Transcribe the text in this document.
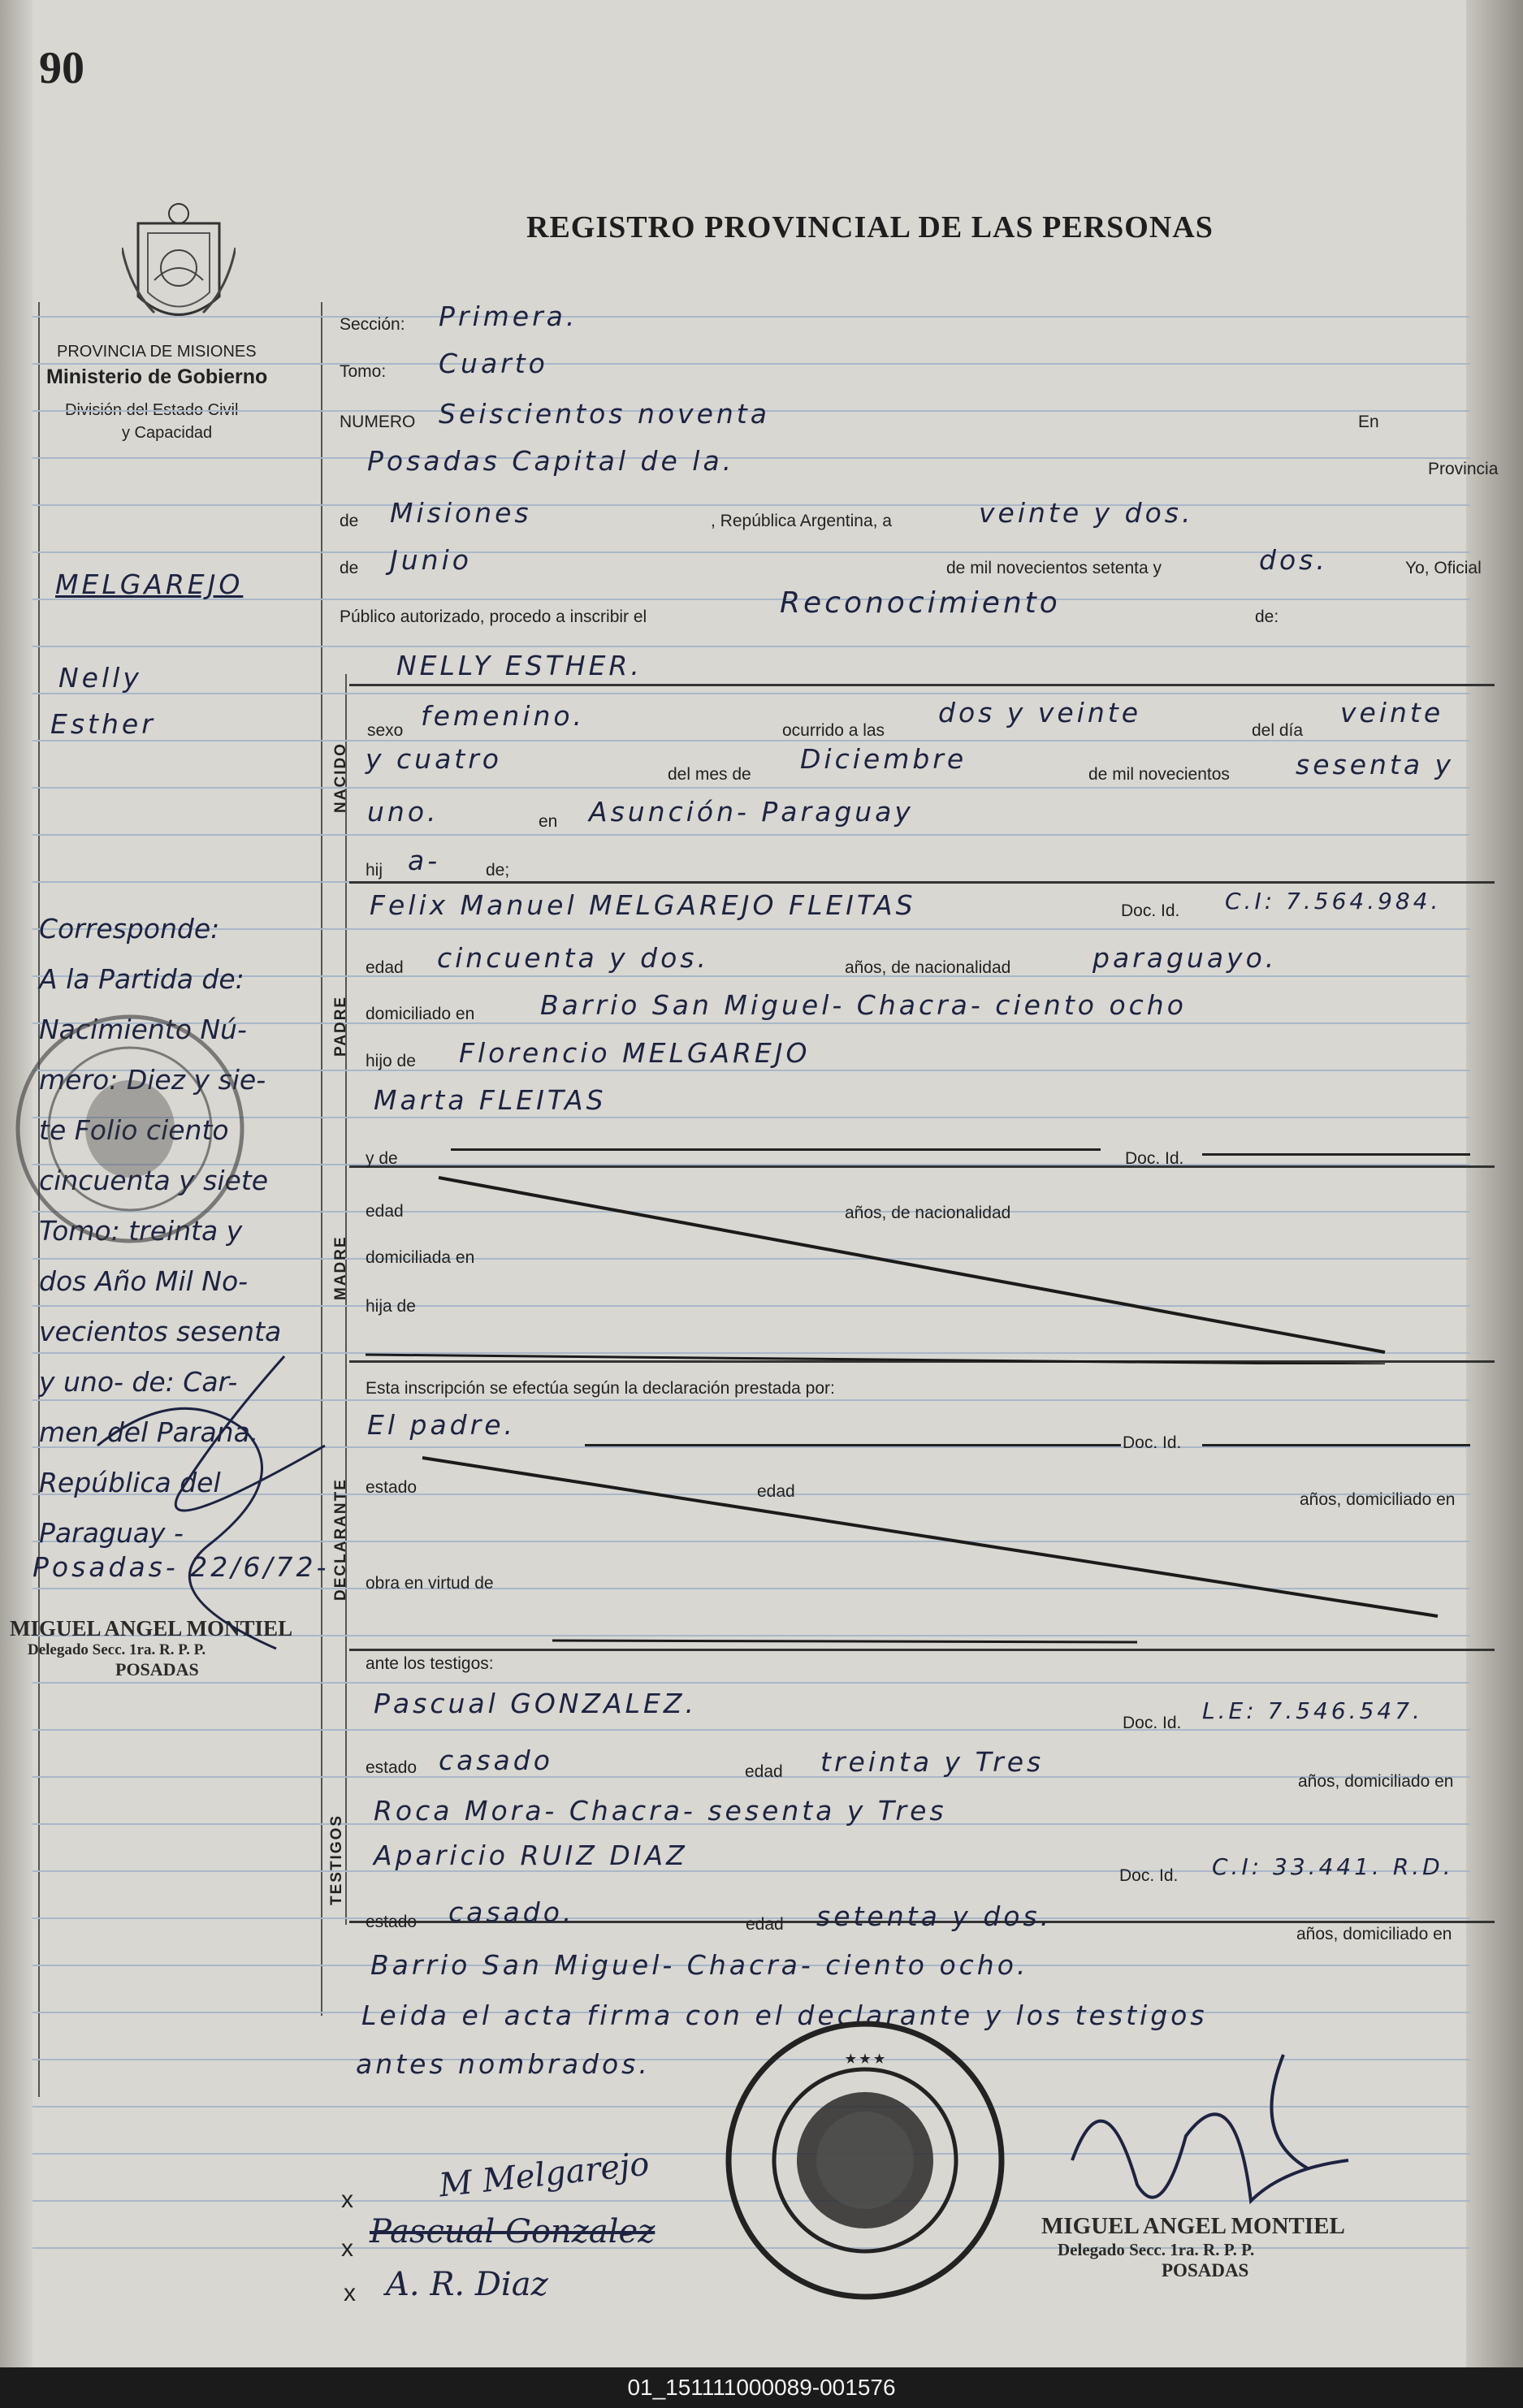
90
PROVINCIA DE MISIONES
Ministerio de Gobierno
División del Estado Civil
y Capacidad
REGISTRO PROVINCIAL DE LAS PERSONAS
Sección: Primera.
Tomo: Cuarto
NUMERO Seiscientos noventa	En
Posadas Capital de la.	Provincia
de Misiones	, República Argentina, a	veinte y dos.
de Junio	de mil novecientos setenta y	dos.	Yo, Oficial
Público autorizado, procedo a inscribir el	Reconocimiento	de:
MELGAREJO
Nelly
Esther
Corresponde:
A la Partida de:
Nacimiento Nú-
mero: Diez y sie-
te Folio ciento
cincuenta y siete
Tomo: treinta y
dos Año Mil No-
vecientos sesenta
y uno- de: Car-
men del Parana.
República del
Paraguay -
Posadas- 22/6/72-
MIGUEL ANGEL MONTIEL
Delegado Secc. 1ra. R. P. P.
POSADAS
NACIDO
PADRE
MADRE
DECLARANTE
TESTIGOS
NELLY ESTHER.
sexo femenino.	ocurrido a las
dos y veinte
del día
veinte
y cuatro	del mes de Diciembre	de mil novecientos sesenta y
uno.	en Asunción- Paraguay
hij a-	de;
Felix Manuel MELGAREJO FLEITAS	Doc. Id. C.I: 7.564.984.
edad cincuenta y dos.	años, de nacionalidad	paraguayo.
domiciliado en Barrio San Miguel- Chacra- ciento ocho
hijo de Florencio MELGAREJO
Marta FLEITAS
y de	Doc. Id.
edad	años, de nacionalidad
domiciliada en
hija de
Esta inscripción se efectúa según la declaración prestada por:
El padre.
Doc. Id.
estado	edad	años, domiciliado en
obra en virtud de
ante los testigos:
Pascual GONZALEZ.
Doc. Id. L.E: 7.546.547.
estado casado	edad treinta y Tres
años, domiciliado en
Roca Mora- Chacra- sesenta y Tres
Aparicio RUIZ DIAZ
Doc. Id. C.I: 33.441. R.D.
estado casado.	edad setenta y dos.
años, domiciliado en
Barrio San Miguel- Chacra- ciento ocho.
Leida el acta firma con el declarante y los testigos
antes nombrados.
x	M Melgarejo
x Pascual Gonzalez
x A. R. Diaz
★ ★ ★
MIGUEL ANGEL MONTIEL
Delegado Secc. 1ra. R. P. P.
POSADAS
01_151111000089-001576
